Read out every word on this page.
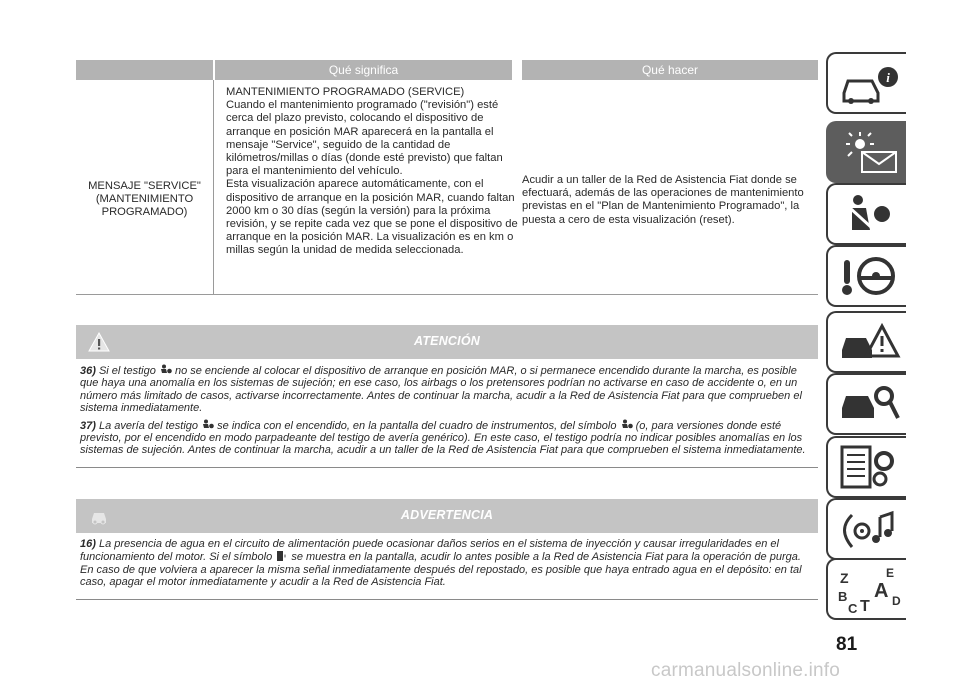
Qué significa	Qué hacer
MENSAJE "SERVICE" (MANTENIMIENTO PROGRAMADO)
MANTENIMIENTO PROGRAMADO (SERVICE)
Cuando el mantenimiento programado ("revisión") esté cerca del plazo previsto, colocando el dispositivo de arranque en posición MAR aparecerá en la pantalla el mensaje "Service", seguido de la cantidad de kilómetros/millas o días (donde esté previsto) que faltan para el mantenimiento del vehículo.
Esta visualización aparece automáticamente, con el dispositivo de arranque en la posición MAR, cuando faltan 2000 km o 30 días (según la versión) para la próxima revisión, y se repite cada vez que se pone el dispositivo de arranque en la posición MAR. La visualización es en km o millas según la unidad de medida seleccionada.
Acudir a un taller de la Red de Asistencia Fiat donde se efectuará, además de las operaciones de mantenimiento previstas en el "Plan de Mantenimiento Programado", la puesta a cero de esta visualización (reset).
ATENCIÓN

36) Si el testigo no se enciende al colocar el dispositivo de arranque en posición MAR, o si permanece encendido durante la marcha, es posible que haya una anomalía en los sistemas de sujeción; en ese caso, los airbags o los pretensores podrían no activarse en caso de accidente o, en un número más limitado de casos, activarse incorrectamente. Antes de continuar la marcha, acudir a la Red de Asistencia Fiat para que comprueben el sistema inmediatamente.

37) La avería del testigo se indica con el encendido, en la pantalla del cuadro de instrumentos, del símbolo (o, para versiones donde esté previsto, por el encendido en modo parpadeante del testigo de avería genérico). En este caso, el testigo podría no indicar posibles anomalías en los sistemas de sujeción. Antes de continuar la marcha, acudir a un taller de la Red de Asistencia Fiat para que comprueben el sistema inmediatamente.

ADVERTENCIA

16) La presencia de agua en el circuito de alimentación puede ocasionar daños serios en el sistema de inyección y causar irregularidades en el funcionamiento del motor. Si el símbolo se muestra en la pantalla, acudir lo antes posible a la Red de Asistencia Fiat para la operación de purga. En caso de que volviera a aparecer la misma señal inmediatamente después del repostado, es posible que haya entrado agua en el depósito: en tal caso, apagar el motor inmediatamente y acudir a la Red de Asistencia Fiat.

i
Z	E
A
B
C T D
81
carmanualsonline.info
